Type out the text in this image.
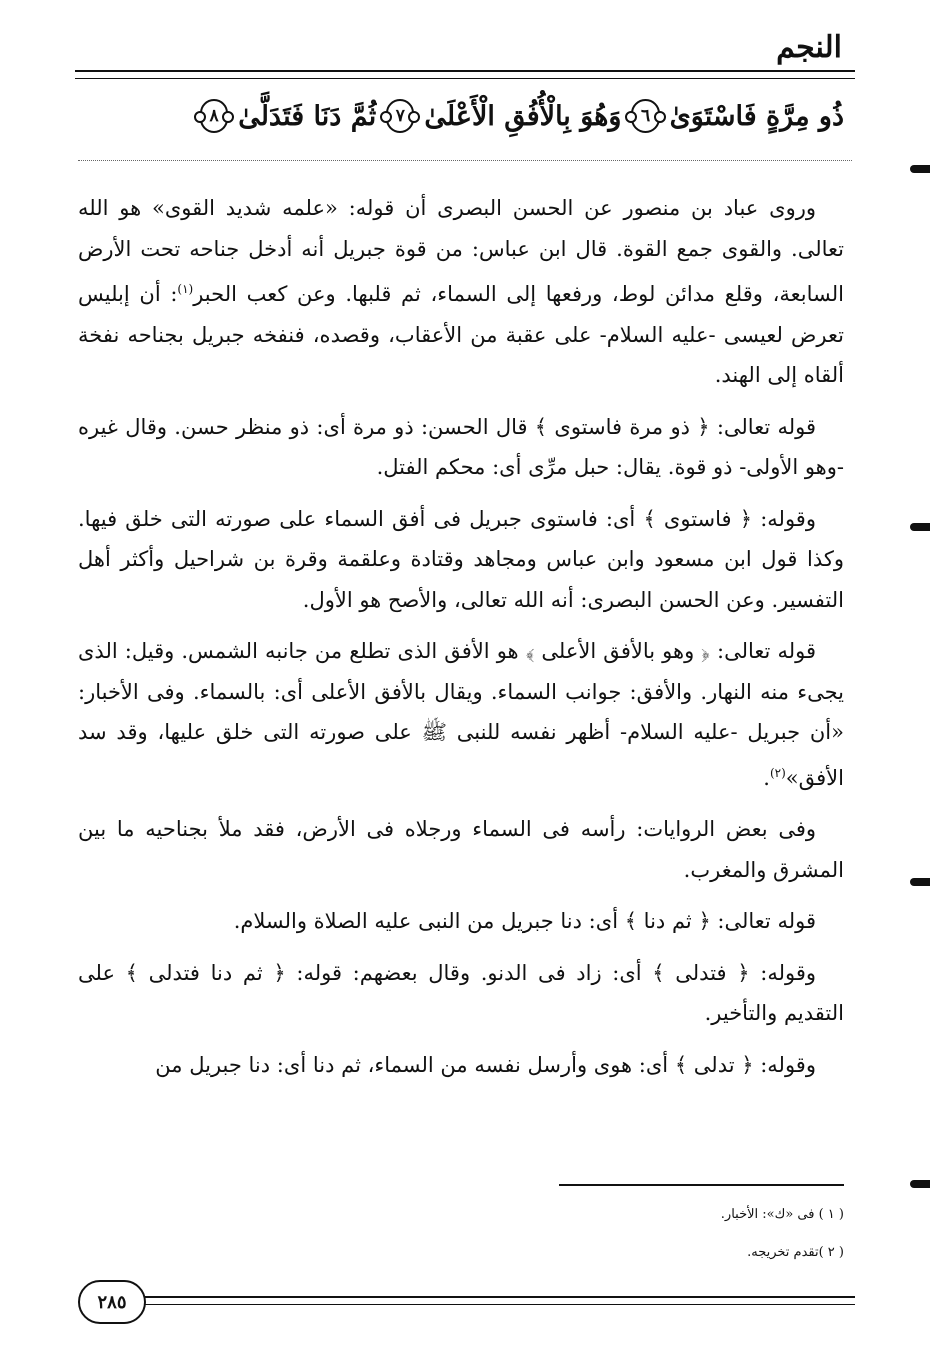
النجم
ذُو مِرَّةٍ فَاسْتَوَىٰ
٦
وَهُوَ بِالْأُفُقِ الْأَعْلَىٰ
٧
ثُمَّ دَنَا فَتَدَلَّىٰ
٨

وروى عباد بن منصور عن الحسن البصرى أن قوله: «علمه شديد القوى» هو الله تعالى. والقوى جمع القوة. قال ابن عباس: من قوة جبريل أنه أدخل جناحه تحت الأرض السابعة، وقلع مدائن لوط، ورفعها إلى السماء، ثم قلبها. وعن كعب الحبر$^{(١)}$: أن إبليس تعرض لعيسى -عليه السلام- على عقبة من الأعقاب، وقصده، فنفخه جبريل بجناحه نفخة ألقاه إلى الهند.

قوله تعالى: ﴿ ذو مرة فاستوى ﴾ قال الحسن: ذو مرة أى: ذو منظر حسن. وقال غيره -وهو الأولى- ذو قوة. يقال: حبل مرِّى أى: محكم الفتل.

وقوله: ﴿ فاستوى ﴾ أى: فاستوى جبريل فى أفق السماء على صورته التى خلق فيها. وكذا قول ابن مسعود وابن عباس ومجاهد وقتادة وعلقمة وقرة بن شراحيل وأكثر أهل التفسير. وعن الحسن البصرى: أنه الله تعالى، والأصح هو الأول.

قوله تعالى: ﴿ وهو بالأفق الأعلى ﴾ هو الأفق الذى تطلع من جانبه الشمس. وقيل: الذى يجىء منه النهار. والأفق: جوانب السماء. ويقال بالأفق الأعلى أى: بالسماء. وفى الأخبار: «أن جبريل -عليه السلام- أظهر نفسه للنبى ﷺ على صورته التى خلق عليها، وقد سد الأفق»$^{(٢)}$.

وفى بعض الروايات: رأسه فى السماء ورجلاه فى الأرض، فقد ملأ بجناحيه ما بين المشرق والمغرب.

قوله تعالى: ﴿ ثم دنا ﴾ أى: دنا جبريل من النبى عليه الصلاة والسلام.

وقوله: ﴿ فتدلى ﴾ أى: زاد فى الدنو. وقال بعضهم: قوله: ﴿ ثم دنا فتدلى ﴾ على التقديم والتأخير.

وقوله: ﴿ تدلى ﴾ أى: هوى وأرسل نفسه من السماء، ثم دنا أى: دنا جبريل من

( ١ ) فى «ك»: الأخبار.
( ٢ )تقدم تخريجه.
٢٨٥
